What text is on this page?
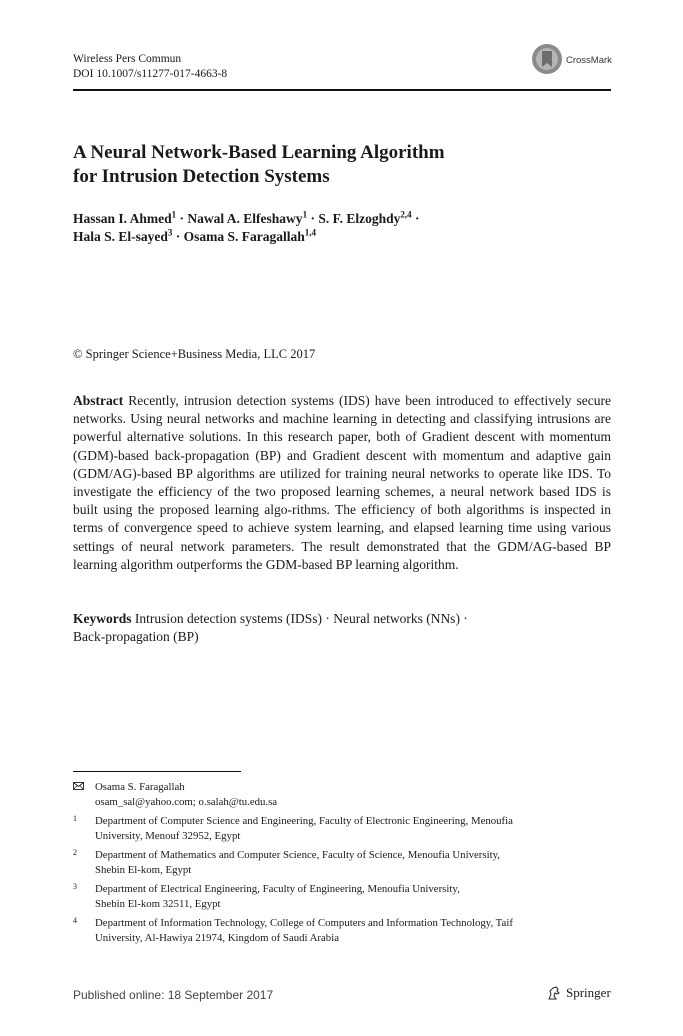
Wireless Pers Commun
DOI 10.1007/s11277-017-4663-8
CrossMark
A Neural Network-Based Learning Algorithm
for Intrusion Detection Systems
Hassan I. Ahmed$^1$ · Nawal A. Elfeshawy$^1$ · S. F. Elzoghdy$^{2,4}$ ·
Hala S. El-sayed$^3$ · Osama S. Faragallah$^{1,4}$
© Springer Science+Business Media, LLC 2017
Abstract Recently, intrusion detection systems (IDS) have been introduced to effectively secure networks. Using neural networks and machine learning in detecting and classifying intrusions are powerful alternative solutions. In this research paper, both of Gradient descent with momentum (GDM)-based back-propagation (BP) and Gradient descent with momentum and adaptive gain (GDM/AG)-based BP algorithms are utilized for training neural networks to operate like IDS. To investigate the efficiency of the two proposed learning schemes, a neural network based IDS is built using the proposed learning algo-rithms. The efficiency of both algorithms is inspected in terms of convergence speed to achieve system learning, and elapsed learning time using various settings of neural network parameters. The result demonstrated that the GDM/AG-based BP learning algorithm outperforms the GDM-based BP learning algorithm.
Keywords Intrusion detection systems (IDSs) · Neural networks (NNs) ·
Back-propagation (BP)
Osama S. Faragallah
osam_sal@yahoo.com; o.salah@tu.edu.sa
1 Department of Computer Science and Engineering, Faculty of Electronic Engineering, Menoufia
University, Menouf 32952, Egypt
2 Department of Mathematics and Computer Science, Faculty of Science, Menoufia University,
Shebin El-kom, Egypt
3 Department of Electrical Engineering, Faculty of Engineering, Menoufia University,
Shebin El-kom 32511, Egypt
4 Department of Information Technology, College of Computers and Information Technology, Taif
University, Al-Hawiya 21974, Kingdom of Saudi Arabia
Published online: 18 September 2017	Springer
